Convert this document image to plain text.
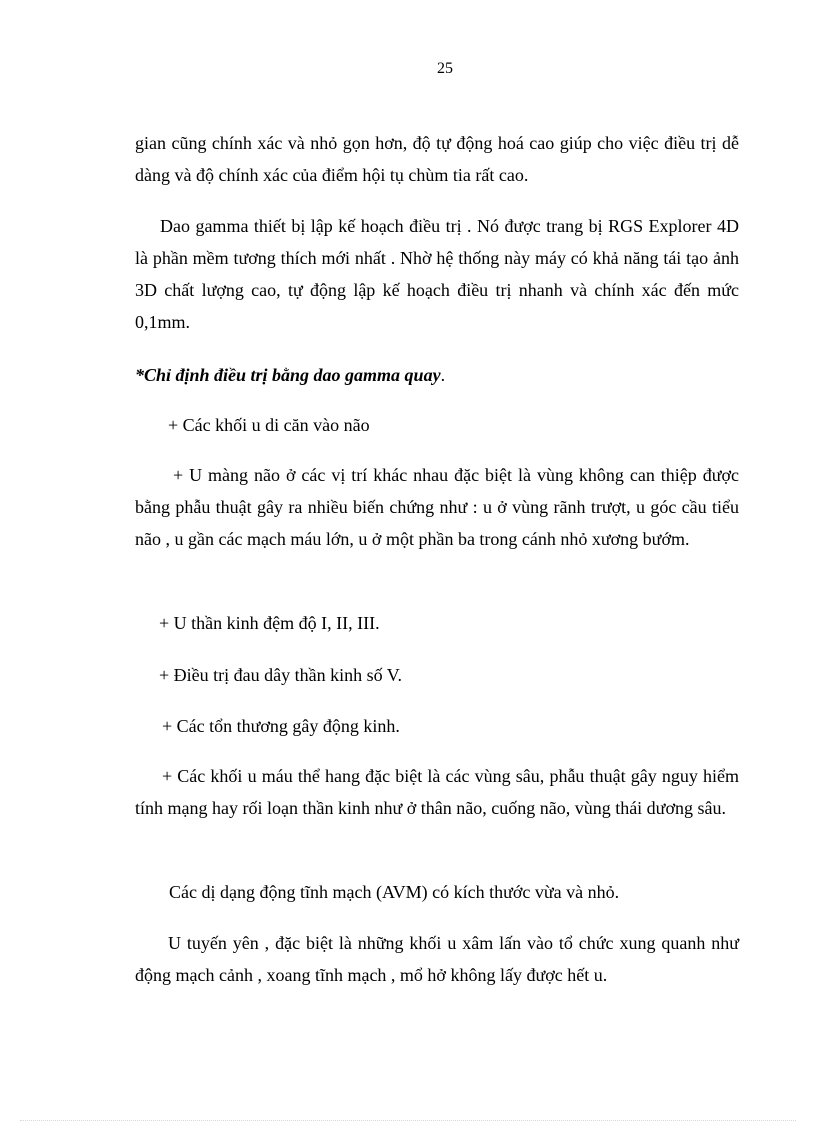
25

gian cũng chính xác và nhỏ gọn hơn, độ tự động hoá cao giúp cho việc điều trị dễ dàng và độ chính xác của điểm hội tụ chùm tia rất cao.

Dao gamma thiết bị lập kế hoạch điều trị . Nó được trang bị RGS Explorer 4D là phần mềm tương thích mới nhất . Nhờ hệ thống này máy có khả năng tái tạo ảnh 3D chất lượng cao, tự động lập kế hoạch điều trị nhanh và chính xác đến mức 0,1mm.

*Chỉ định điều trị bằng dao gamma quay.

+ Các khối u di căn vào não

+ U màng não ở các vị trí khác nhau đặc biệt là vùng không can thiệp được bằng phẫu thuật gây ra nhiều biến chứng như : u ở vùng rãnh trượt, u góc cầu tiểu não , u gần các mạch máu lớn, u ở một phần ba trong cánh nhỏ xương bướm.

+ U thần kinh đệm độ I, II, III.

+ Điều trị đau dây thần kinh số V.

+ Các tổn thương gây động kinh.

+ Các khối u máu thể hang đặc biệt là các vùng sâu, phẫu thuật gây nguy hiểm tính mạng hay rối loạn thần kinh như ở thân não, cuống não, vùng thái dương sâu.

Các dị dạng động tĩnh mạch (AVM) có kích thước vừa và nhỏ.

U tuyến yên , đặc biệt là những khối u xâm lấn vào tổ chức xung quanh như động mạch cảnh , xoang tĩnh mạch , mổ hở không lấy được hết u.
